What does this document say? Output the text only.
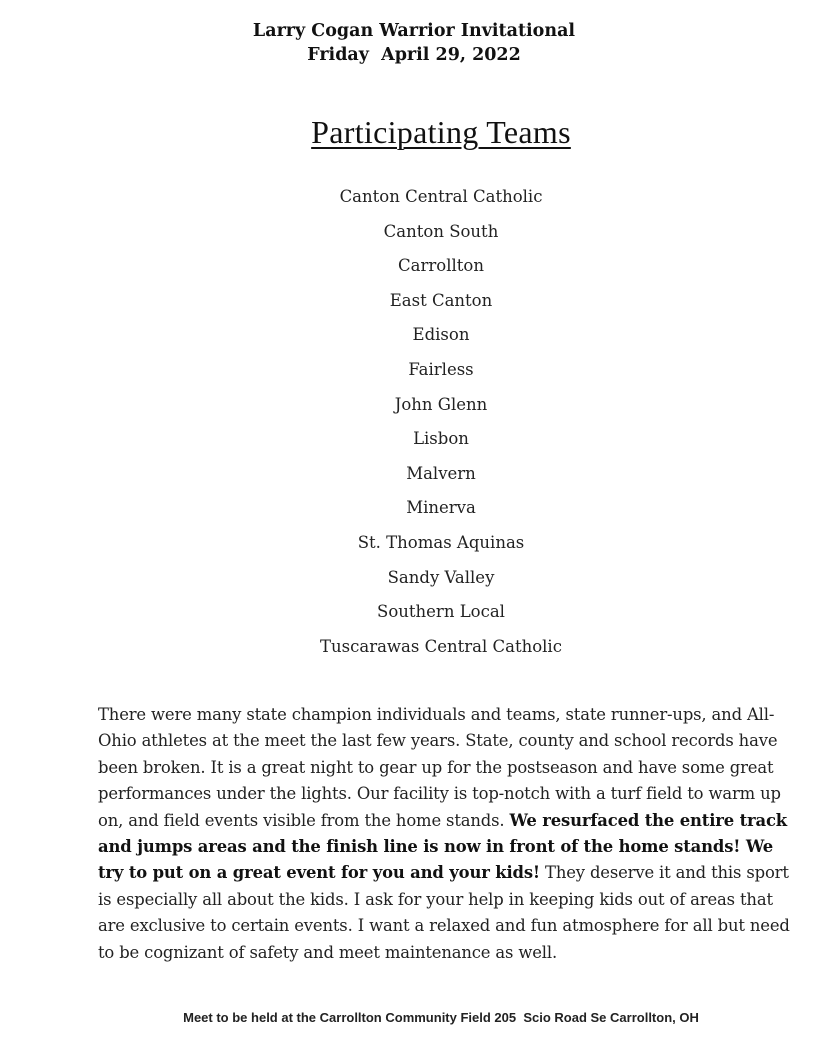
Larry Cogan Warrior Invitational
Friday  April 29, 2022
Participating Teams
Canton Central Catholic
Canton South
Carrollton
East Canton
Edison
Fairless
John Glenn
Lisbon
Malvern
Minerva
St. Thomas Aquinas
Sandy Valley
Southern Local
Tuscarawas Central Catholic

There were many state champion individuals and teams, state runner-ups, and All-Ohio athletes at the meet the last few years. State, county and school records have been broken. It is a great night to gear up for the postseason and have some great performances under the lights. Our facility is top-notch with a turf field to warm up on, and field events visible from the home stands. We resurfaced the entire track and jumps areas and the finish line is now in front of the home stands! We try to put on a great event for you and your kids! They deserve it and this sport is especially all about the kids. I ask for your help in keeping kids out of areas that are exclusive to certain events. I want a relaxed and fun atmosphere for all but need to be cognizant of safety and meet maintenance as well.

Meet to be held at the Carrollton Community Field 205  Scio Road Se Carrollton, OH
